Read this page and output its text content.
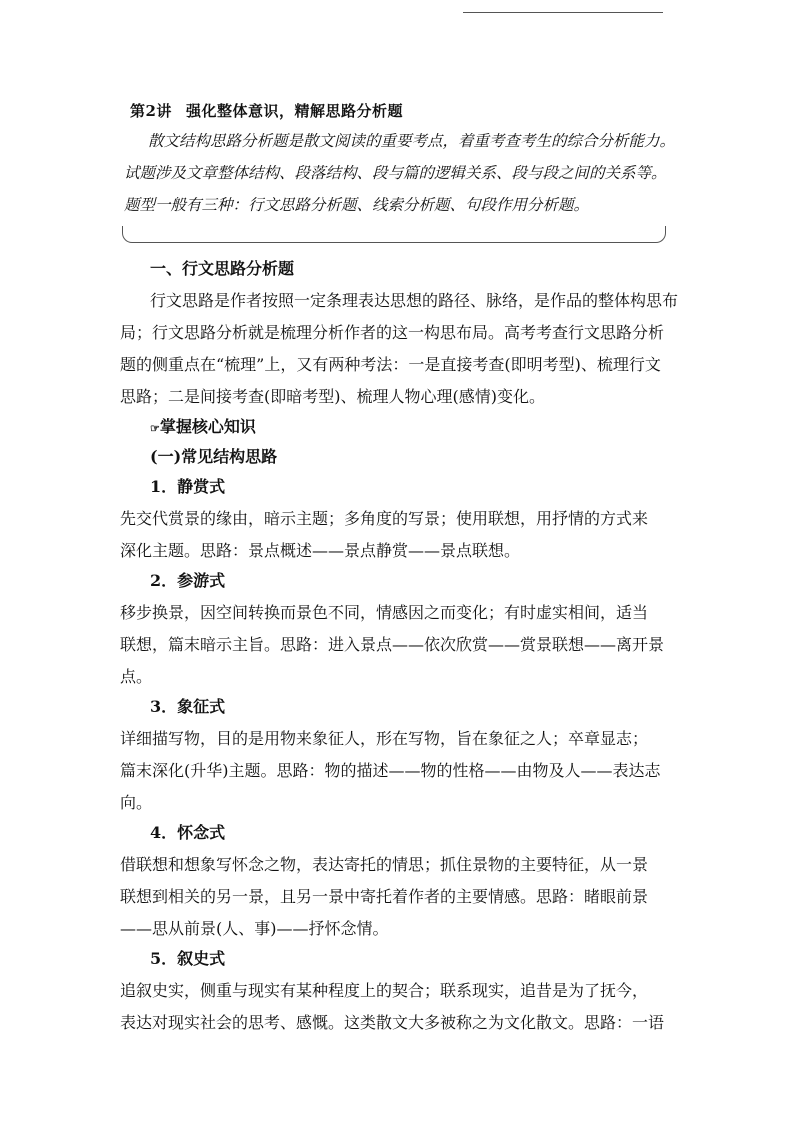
第2讲 强化整体意识，精解思路分析题
散文结构思路分析题是散文阅读的重要考点，着重考查考生的综合分析能力。
试题涉及文章整体结构、段落结构、段与篇的逻辑关系、段与段之间的关系等。
题型一般有三种：行文思路分析题、线索分析题、句段作用分析题。
一、行文思路分析题
行文思路是作者按照一定条理表达思想的路径、脉络，是作品的整体构思布
局；行文思路分析就是梳理分析作者的这一构思布局。高考考查行文思路分析
题的侧重点在“梳理”上，又有两种考法：一是直接考查(即明考型)、梳理行文
思路；二是间接考查(即暗考型)、梳理人物心理(感情)变化。
☞掌握核心知识
(一)常见结构思路
1．静赏式
先交代赏景的缘由，暗示主题；多角度的写景；使用联想，用抒情的方式来
深化主题。思路：景点概述——景点静赏——景点联想。
2．参游式
移步换景，因空间转换而景色不同，情感因之而变化；有时虚实相间，适当
联想，篇末暗示主旨。思路：进入景点——依次欣赏——赏景联想——离开景
点。
3．象征式
详细描写物，目的是用物来象征人，形在写物，旨在象征之人；卒章显志；
篇末深化(升华)主题。思路：物的描述——物的性格——由物及人——表达志
向。
4．怀念式
借联想和想象写怀念之物，表达寄托的情思；抓住景物的主要特征，从一景
联想到相关的另一景，且另一景中寄托着作者的主要情感。思路：睹眼前景
——思从前景(人、事)——抒怀念情。
5．叙史式
追叙史实，侧重与现实有某种程度上的契合；联系现实，追昔是为了抚今，
表达对现实社会的思考、感慨。这类散文大多被称之为文化散文。思路：一语
